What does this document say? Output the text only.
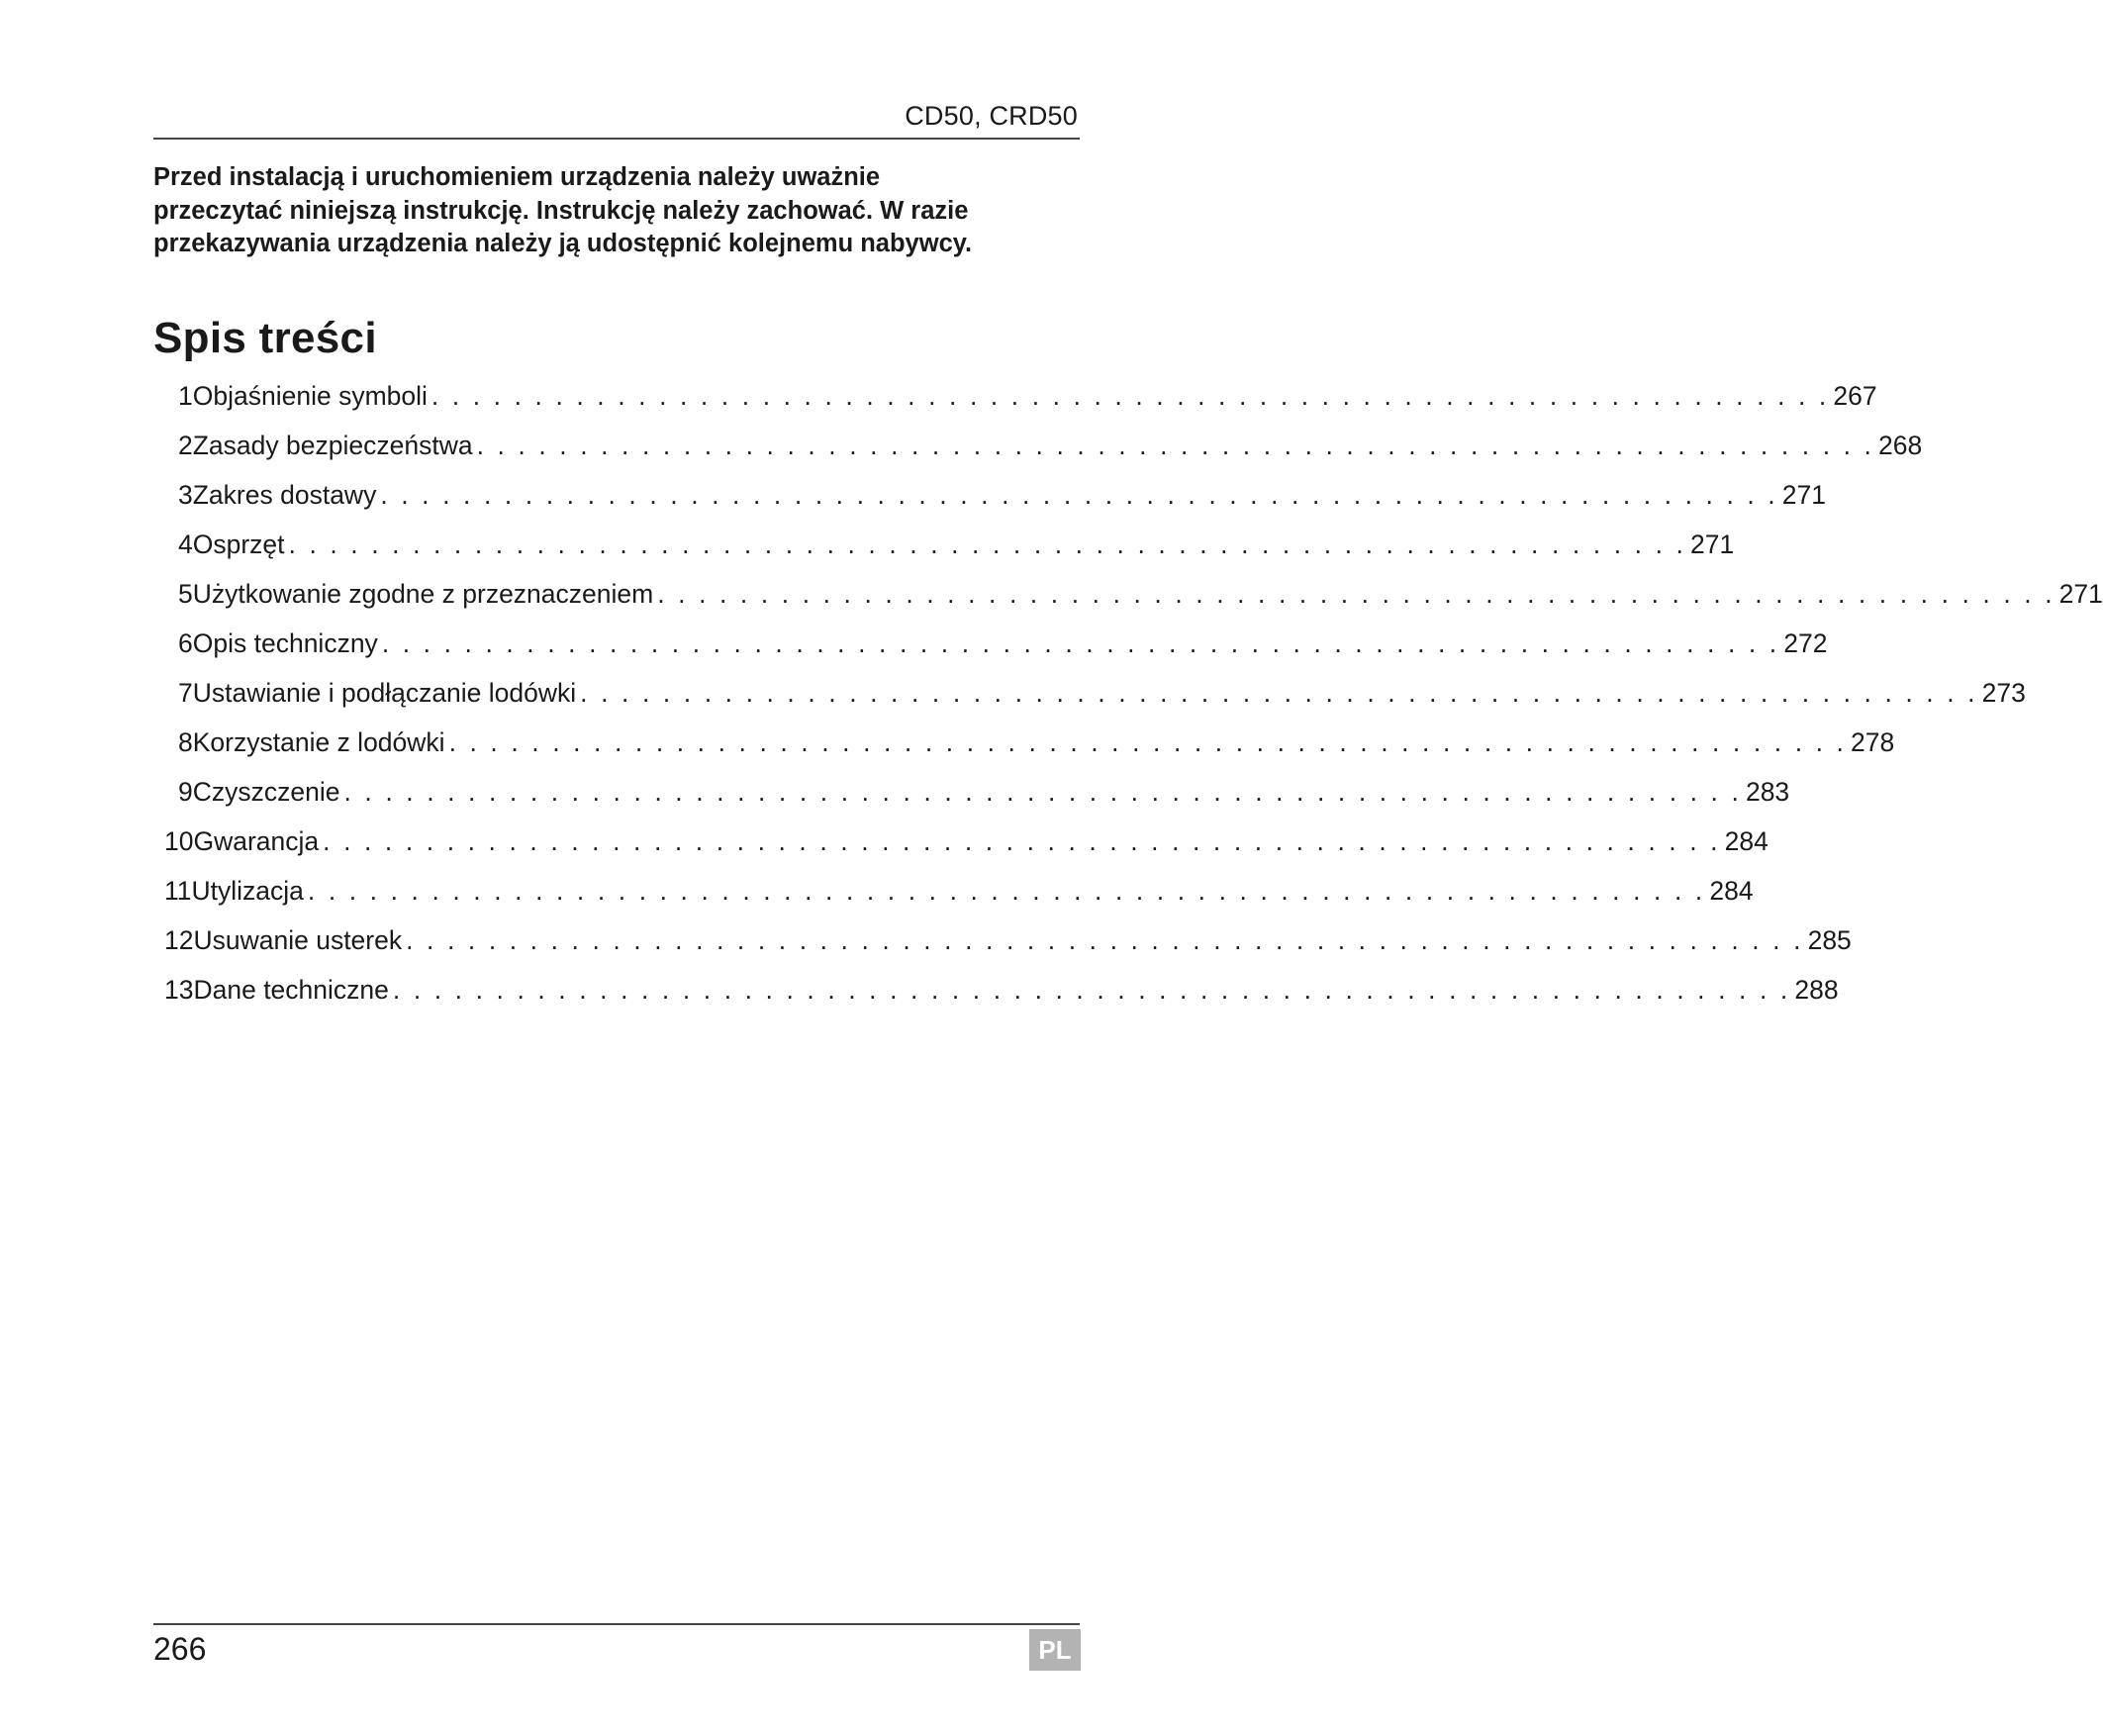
CD50, CRD50
Przed instalacją i uruchomieniem urządzenia należy uważnie
przeczytać niniejszą instrukcję. Instrukcję należy zachować. W razie
przekazywania urządzenia należy ją udostępnić kolejnemu nabywcy.
Spis treści
1 Objaśnienie symboli . . . . . . . . . . . . . . . . . . . . . . . . . . . . . . . . . . . . . . . . . . . . . . . . . . . . . . . . . . . . . . . . . . . . 267
2 Zasady bezpieczeństwa . . . . . . . . . . . . . . . . . . . . . . . . . . . . . . . . . . . . . . . . . . . . . . . . . . . . . . . . . . . . . . . . . . . . 268
3 Zakres dostawy . . . . . . . . . . . . . . . . . . . . . . . . . . . . . . . . . . . . . . . . . . . . . . . . . . . . . . . . . . . . . . . . . . . . 271
4 Osprzęt . . . . . . . . . . . . . . . . . . . . . . . . . . . . . . . . . . . . . . . . . . . . . . . . . . . . . . . . . . . . . . . . . . . . 271
5 Użytkowanie zgodne z przeznaczeniem . . . . . . . . . . . . . . . . . . . . . . . . . . . . . . . . . . . . . . . . . . . . . . . . . . . . . . . . . . . . . . . . . . . . 271
6 Opis techniczny . . . . . . . . . . . . . . . . . . . . . . . . . . . . . . . . . . . . . . . . . . . . . . . . . . . . . . . . . . . . . . . . . . . . 272
7 Ustawianie i podłączanie lodówki . . . . . . . . . . . . . . . . . . . . . . . . . . . . . . . . . . . . . . . . . . . . . . . . . . . . . . . . . . . . . . . . . . . . 273
8 Korzystanie z lodówki . . . . . . . . . . . . . . . . . . . . . . . . . . . . . . . . . . . . . . . . . . . . . . . . . . . . . . . . . . . . . . . . . . . . 278
9 Czyszczenie . . . . . . . . . . . . . . . . . . . . . . . . . . . . . . . . . . . . . . . . . . . . . . . . . . . . . . . . . . . . . . . . . . . . 283
10 Gwarancja . . . . . . . . . . . . . . . . . . . . . . . . . . . . . . . . . . . . . . . . . . . . . . . . . . . . . . . . . . . . . . . . . . . . 284
11 Utylizacja . . . . . . . . . . . . . . . . . . . . . . . . . . . . . . . . . . . . . . . . . . . . . . . . . . . . . . . . . . . . . . . . . . . . 284
12 Usuwanie usterek . . . . . . . . . . . . . . . . . . . . . . . . . . . . . . . . . . . . . . . . . . . . . . . . . . . . . . . . . . . . . . . . . . . . 285
13 Dane techniczne . . . . . . . . . . . . . . . . . . . . . . . . . . . . . . . . . . . . . . . . . . . . . . . . . . . . . . . . . . . . . . . . . . . . 288
266	PL
